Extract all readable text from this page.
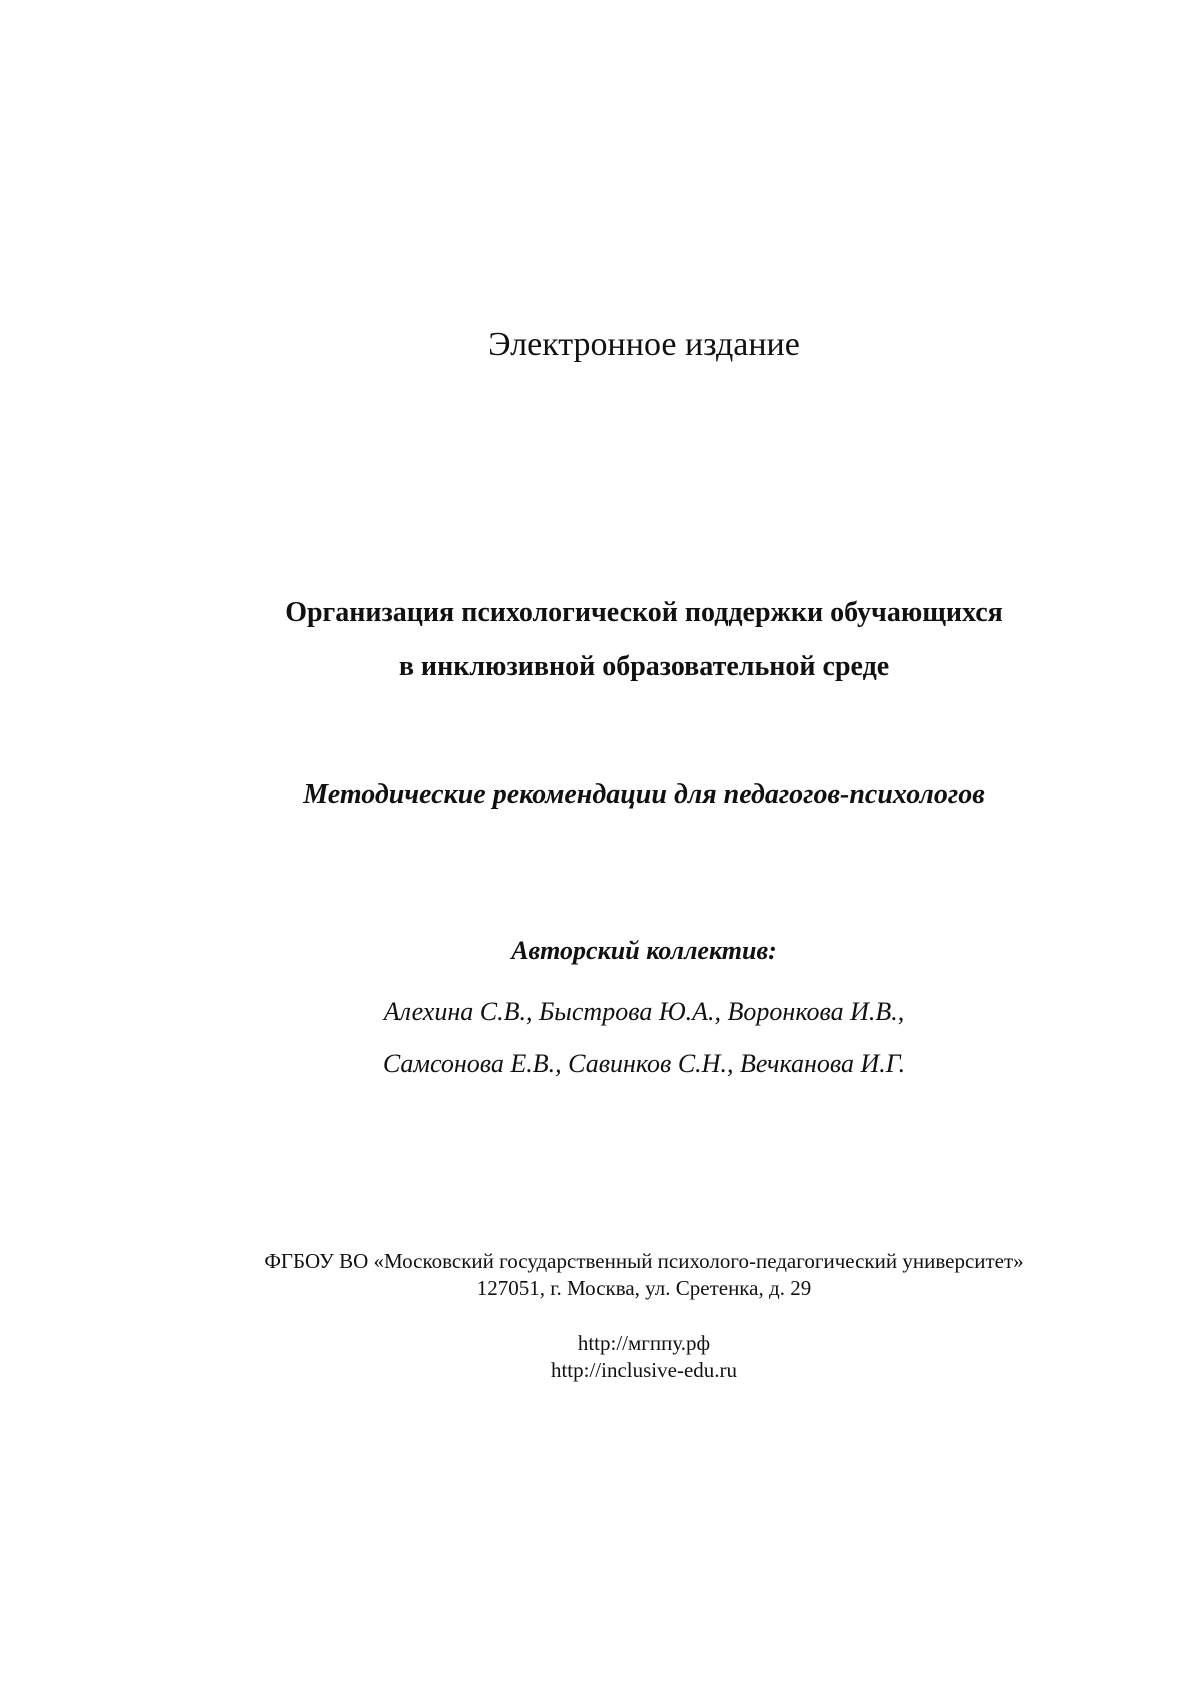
Электронное издание

Организация психологической поддержки обучающихся
в инклюзивной образовательной среде
Методические рекомендации для педагогов-психологов

Авторский коллектив:

Алехина С.В., Быстрова Ю.А., Воронкова И.В.,

Самсонова Е.В., Савинков С.Н., Вечканова И.Г.

ФГБОУ ВО «Московский государственный психолого-педагогический университет»

127051, г. Москва, ул. Сретенка, д. 29

http://мгппу.рф
http://inclusive-edu.ru
